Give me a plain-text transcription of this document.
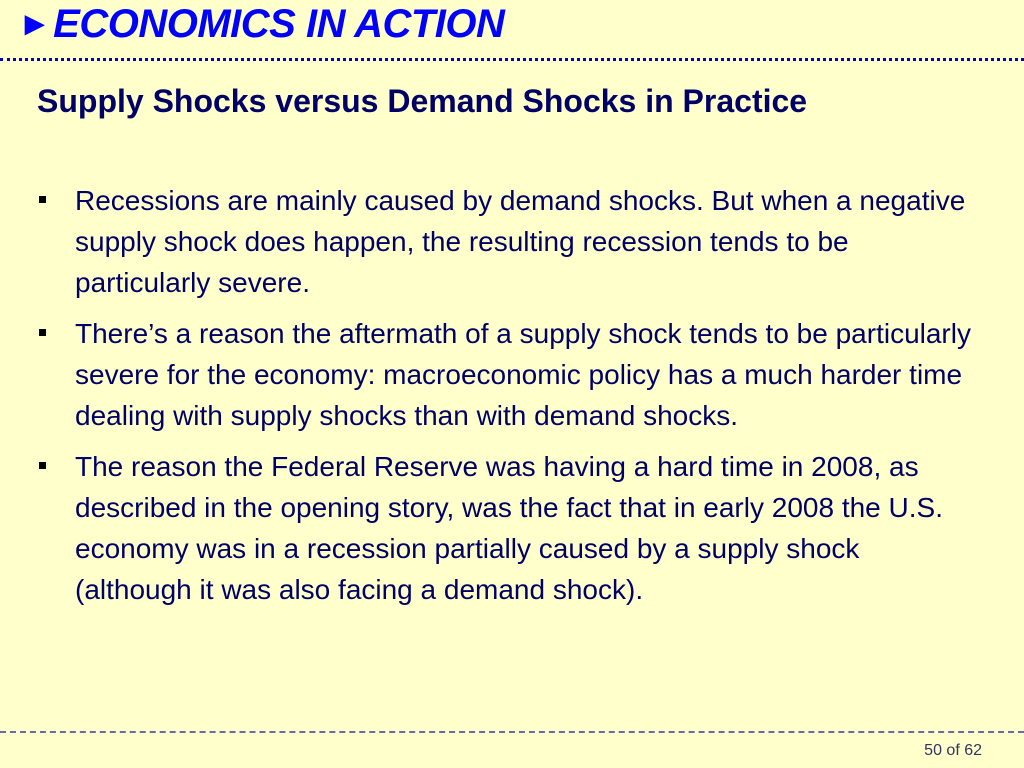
► ECONOMICS IN ACTION
Supply Shocks versus Demand Shocks in Practice
Recessions are mainly caused by demand shocks. But when a negative supply shock does happen, the resulting recession tends to be particularly severe.
There’s a reason the aftermath of a supply shock tends to be particularly severe for the economy: macroeconomic policy has a much harder time dealing with supply shocks than with demand shocks.
The reason the Federal Reserve was having a hard time in 2008, as described in the opening story, was the fact that in early 2008 the U.S. economy was in a recession partially caused by a supply shock (although it was also facing a demand shock).
50 of 62
